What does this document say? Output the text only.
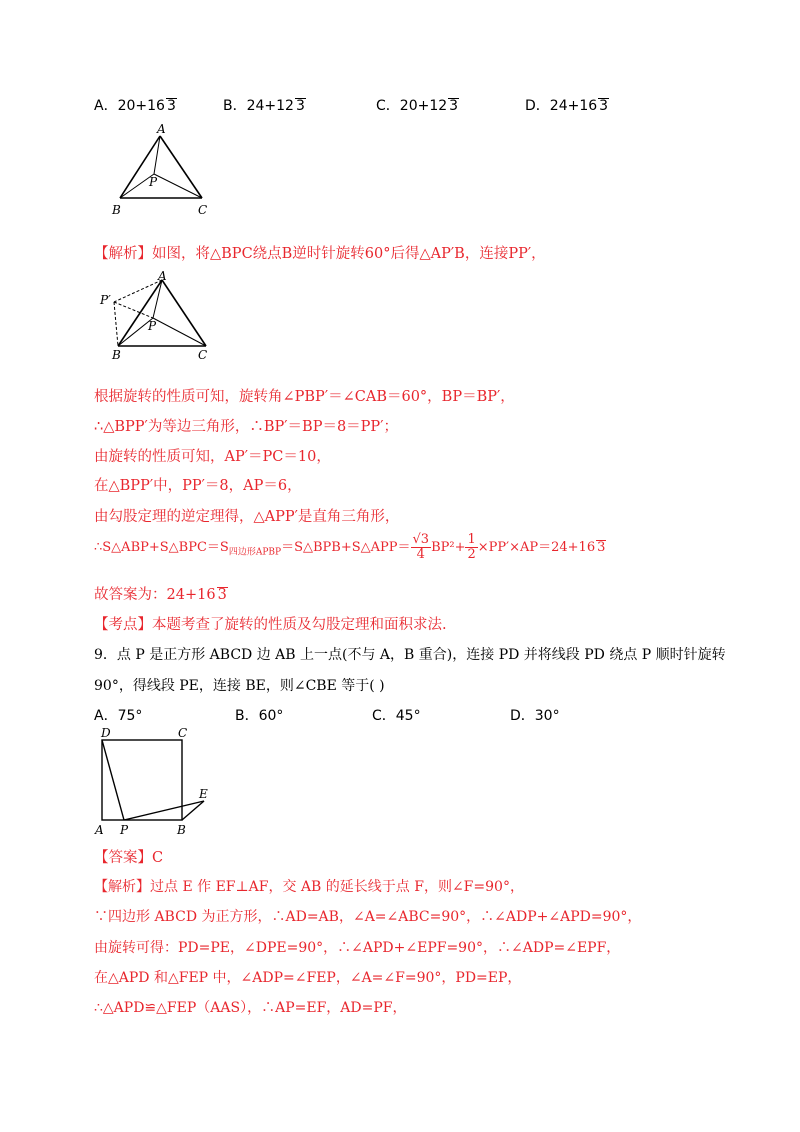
A．20+16 3	B．24+12 3	C．20+12 3	D．24+16 3
A
B	C
P
【解析】如图，将△BPC绕点B逆时针旋转60°后得△AP′B，连接PP′，
A
P′
P
B	C
根据旋转的性质可知，旋转角∠PBP′＝∠CAB＝60°，BP＝BP′，
∴△BPP′为等边三角形，∴BP′＝BP＝8＝PP′；
由旋转的性质可知，AP′＝PC＝10，
在△BPP′中，PP′＝8，AP＝6，
由勾股定理的逆定理得，△APP′是直角三角形，
$\therefore S\triangle ABP+S\triangle BPC=S_{四边形APBP}=S\triangle BPB+S\triangle APP= \frac{√3}{4} BP^2+ \frac{1}{2} \times PP'\times AP=24+16$ 3
故答案为：24+16 3
【考点】本题考查了旋转的性质及勾股定理和面积求法.
9．点 P 是正方形 ABCD 边 AB 上一点(不与 A，B 重合)，连接 PD 并将线段 PD 绕点 P 顺时针旋转
90°，得线段 PE，连接 BE，则∠CBE 等于( )
A．75°	B．60°	C．45°	D．30°
D	C
E
A P	B
【答案】C
【解析】过点 E 作 EF⊥AF，交 AB 的延长线于点 F，则∠F=90°，
∵四边形 ABCD 为正方形，∴AD=AB，∠A=∠ABC=90°，∴∠ADP+∠APD=90°，
由旋转可得：PD=PE，∠DPE=90°，∴∠APD+∠EPF=90°，∴∠ADP=∠EPF，
在△APD 和△FEP 中，∠ADP=∠FEP，∠A=∠F=90°，PD=EP，
∴△APD≌△FEP（AAS），∴AP=EF，AD=PF，
